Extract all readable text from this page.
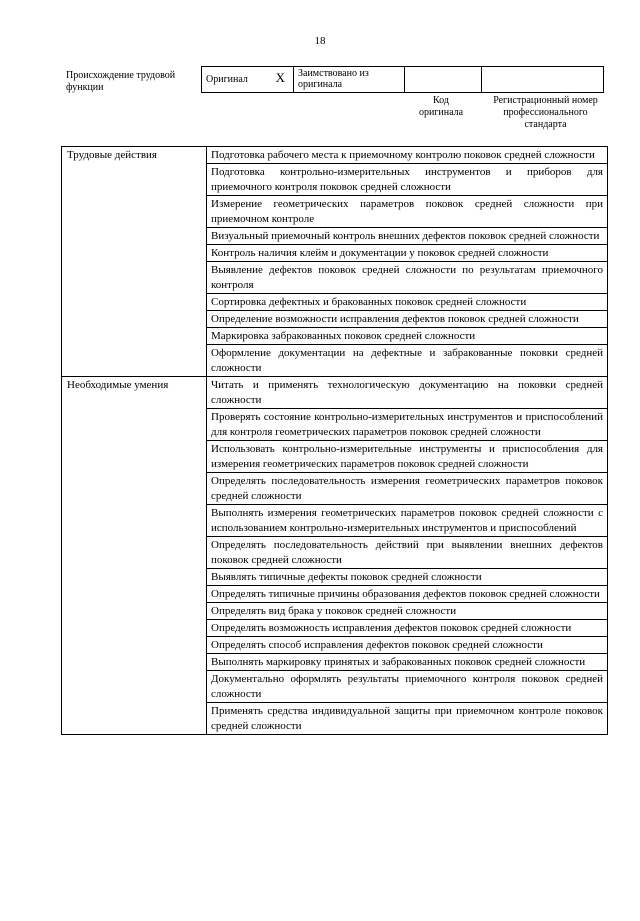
18
Происхождение трудовой функции
Оригинал X	Заимствовано из оригинала		
Код оригинала
Регистрационный номер профессионального стандарта
Трудовые действия	Подготовка рабочего места к приемочному контролю поковок средней сложности
	Подготовка контрольно-измерительных инструментов и приборов для приемочного контроля поковок средней сложности
	Измерение геометрических параметров поковок средней сложности при приемочном контроле
	Визуальный приемочный контроль внешних дефектов поковок средней сложности
	Контроль наличия клейм и документации у поковок средней сложности
	Выявление дефектов поковок средней сложности по результатам приемочного контроля
	Сортировка дефектных и бракованных поковок средней сложности
	Определение возможности исправления дефектов поковок средней сложности
	Маркировка забракованных поковок средней сложности
	Оформление документации на дефектные и забракованные поковки средней сложности
Необходимые умения	Читать и применять технологическую документацию на поковки средней сложности
	Проверять состояние контрольно-измерительных инструментов и приспособлений для контроля геометрических параметров поковок средней сложности
	Использовать контрольно-измерительные инструменты и приспособления для измерения геометрических параметров поковок средней сложности
	Определять последовательность измерения геометрических параметров поковок средней сложности
	Выполнять измерения геометрических параметров поковок средней сложности с использованием контрольно-измерительных инструментов и приспособлений
	Определять последовательность действий при выявлении внешних дефектов поковок средней сложности
	Выявлять типичные дефекты поковок средней сложности
	Определять типичные причины образования дефектов поковок средней сложности
	Определять вид брака у поковок средней сложности
	Определять возможность исправления дефектов поковок средней сложности
	Определять способ исправления дефектов поковок средней сложности
	Выполнять маркировку принятых и забракованных поковок средней сложности
	Документально оформлять результаты приемочного контроля поковок средней сложности
	Применять средства индивидуальной защиты при приемочном контроле поковок средней сложности
